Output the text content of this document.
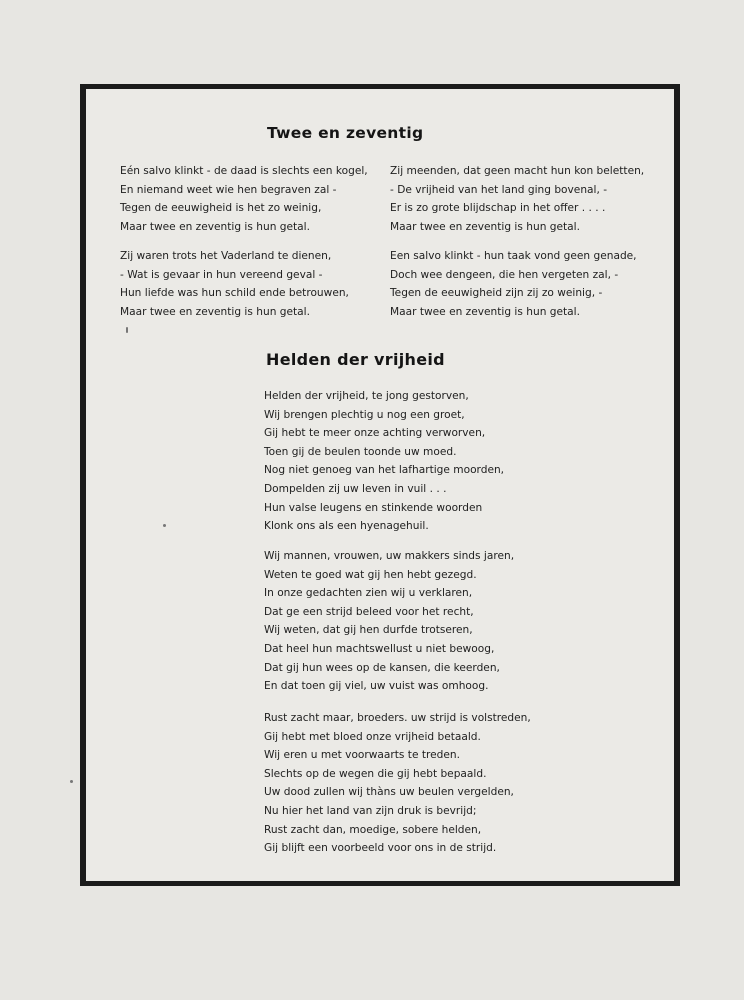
Twee en zeventig
Eén salvo klinkt - de daad is slechts een kogel,
En niemand weet wie hen begraven zal -
Tegen de eeuwigheid is het zo weinig,
Maar twee en zeventig is hun getal.
Zij meenden, dat geen macht hun kon beletten,
- De vrijheid van het land ging bovenal, -
Er is zo grote blijdschap in het offer . . . .
Maar twee en zeventig is hun getal.
Zij waren trots het Vaderland te dienen,
- Wat is gevaar in hun vereend geval -
Hun liefde was hun schild ende betrouwen,
Maar twee en zeventig is hun getal.
Een salvo klinkt - hun taak vond geen genade,
Doch wee dengeen, die hen vergeten zal, -
Tegen de eeuwigheid zijn zij zo weinig, -
Maar twee en zeventig is hun getal.
Helden der vrijheid
Helden der vrijheid, te jong gestorven,
Wij brengen plechtig u nog een groet,
Gij hebt te meer onze achting verworven,
Toen gij de beulen toonde uw moed.
Nog niet genoeg van het lafhartige moorden,
Dompelden zij uw leven in vuil . . .
Hun valse leugens en stinkende woorden
Klonk ons als een hyenagehuil.
Wij mannen, vrouwen, uw makkers sinds jaren,
Weten te goed wat gij hen hebt gezegd.
In onze gedachten zien wij u verklaren,
Dat ge een strijd beleed voor het recht,
Wij weten, dat gij hen durfde trotseren,
Dat heel hun machtswellust u niet bewoog,
Dat gij hun wees op de kansen, die keerden,
En dat toen gij viel, uw vuist was omhoog.
Rust zacht maar, broeders. uw strijd is volstreden,
Gij hebt met bloed onze vrijheid betaald.
Wij eren u met voorwaarts te treden.
Slechts op de wegen die gij hebt bepaald.
Uw dood zullen wij thàns uw beulen vergelden,
Nu hier het land van zijn druk is bevrijd;
Rust zacht dan, moedige, sobere helden,
Gij blijft een voorbeeld voor ons in de strijd.
